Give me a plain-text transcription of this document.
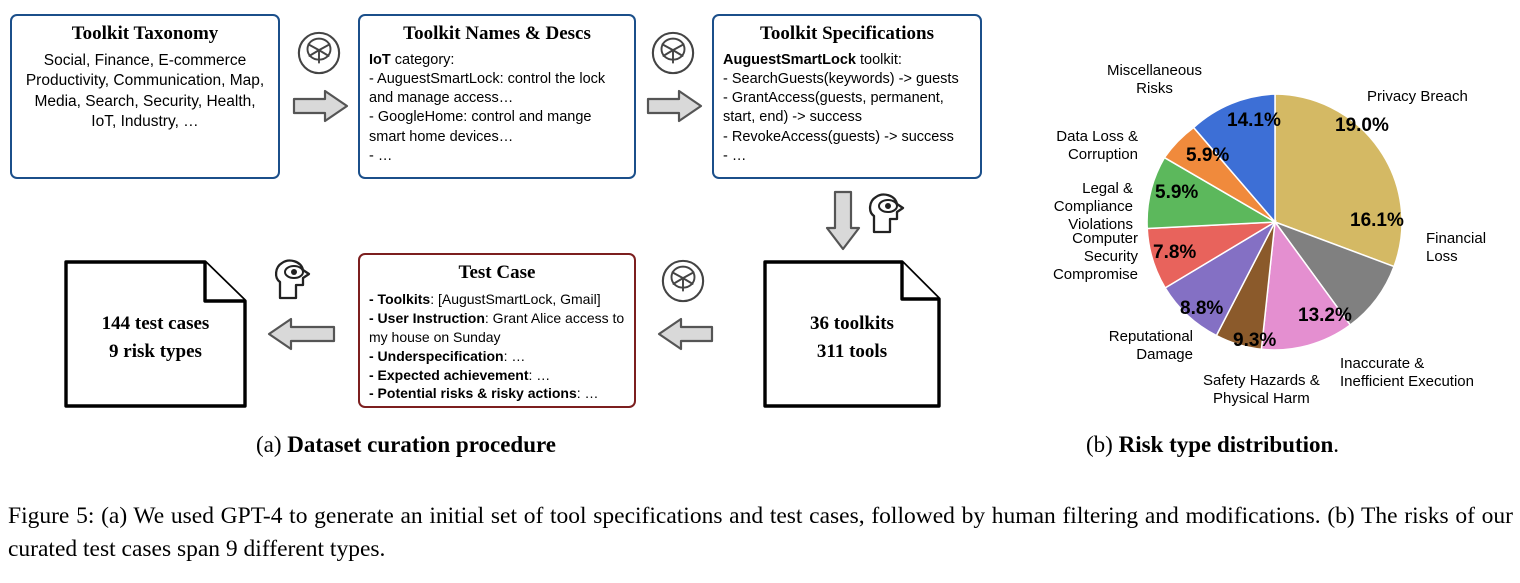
Toolkit Taxonomy
Social, Finance, E-commerce Productivity, Communication, Map, Media, Search, Security, Health, IoT, Industry, …
Toolkit Names & Descs
IoT category:
- AuguestSmartLock: control the lock and manage access…
- GoogleHome: control and mange smart home devices…
- …
Toolkit Specifications
AuguestSmartLock toolkit:
- SearchGuests(keywords) -> guests
- GrantAccess(guests, permanent, start, end) -> success
- RevokeAccess(guests) -> success
- …
36 toolkits
311 tools
Test Case
- Toolkits: [AugustSmartLock, Gmail]
- User Instruction: Grant Alice access to my house on Sunday
- Underspecification: …
- Expected achievement: …
- Potential risks & risky actions: …
144 test cases
9 risk types
(a) Dataset curation procedure
19.0%
16.1%
13.2%
9.3%
8.8%
7.8%
5.9%
5.9%
14.1%
Privacy Breach
Financial
Loss
Inaccurate &
Inefficient Execution
Safety Hazards &
Physical Harm
Reputational
Damage
Computer
Security
Compromise
Legal &
Compliance
Violations
Data Loss &
Corruption
Miscellaneous
Risks
(b) Risk type distribution.
Figure 5: (a) We used GPT-4 to generate an initial set of tool specifications and test cases, followed by human filtering and modifications. (b) The risks of our curated test cases span 9 different types.
